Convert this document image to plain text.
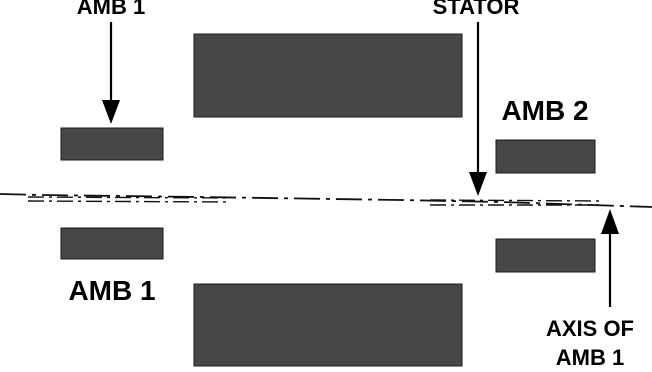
AMB 1	STATOR
AMB 2
AMB 1
AXIS OF
AMB 1
